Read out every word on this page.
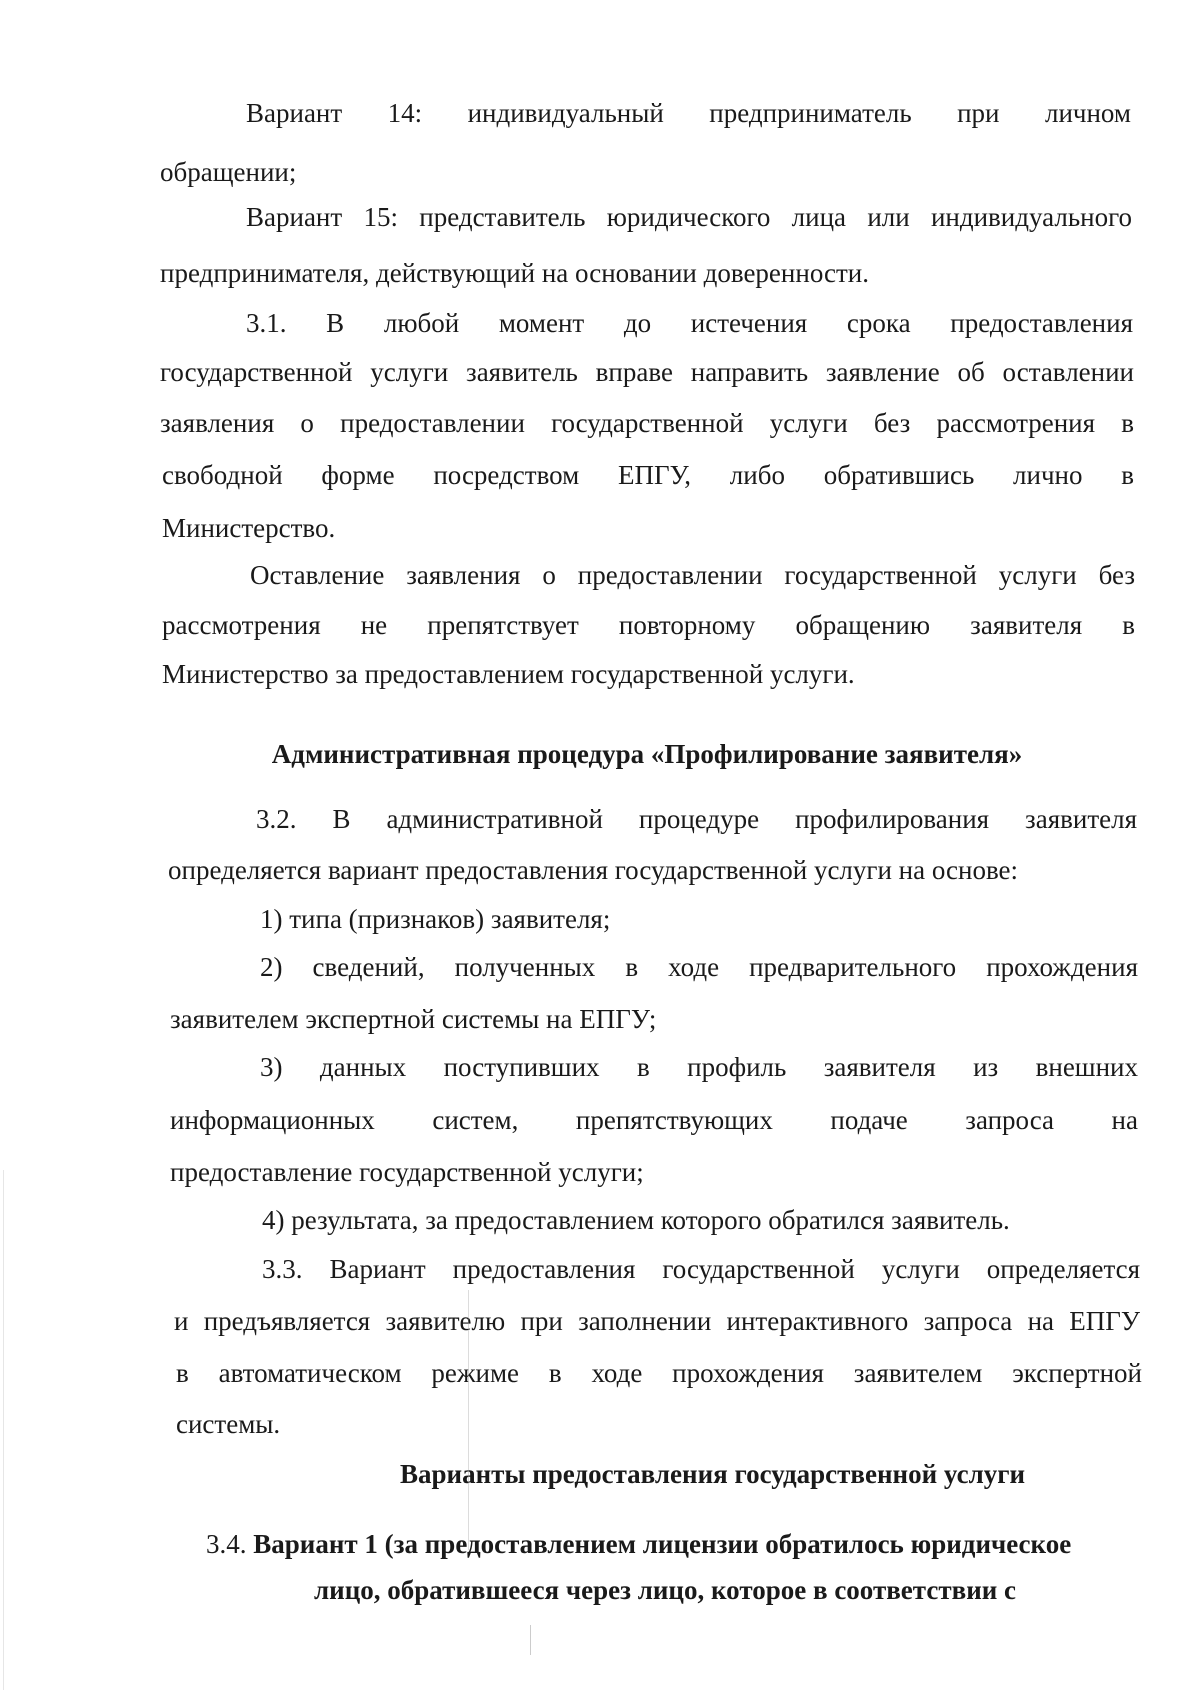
Вариант 14: индивидуальный предприниматель при личном
обращении;
Вариант 15: представитель юридического лица или индивидуального
предпринимателя, действующий на основании доверенности.
3.1. В любой момент до истечения срока предоставления
государственной услуги заявитель вправе направить заявление об оставлении
заявления о предоставлении государственной услуги без рассмотрения в
свободной форме посредством ЕПГУ, либо обратившись лично в
Министерство.
Оставление заявления о предоставлении государственной услуги без
рассмотрения не препятствует повторному обращению заявителя в
Министерство за предоставлением государственной услуги.
Административная процедура «Профилирование заявителя»
3.2. В административной процедуре профилирования заявителя
определяется вариант предоставления государственной услуги на основе:
1) типа (признаков) заявителя;
2) сведений, полученных в ходе предварительного прохождения
заявителем экспертной системы на ЕПГУ;
3) данных поступивших в профиль заявителя из внешних
информационных систем, препятствующих подаче запроса на
предоставление государственной услуги;
4) результата, за предоставлением которого обратился заявитель.
3.3. Вариант предоставления государственной услуги определяется
и предъявляется заявителю при заполнении интерактивного запроса на ЕПГУ
в автоматическом режиме в ходе прохождения заявителем экспертной
системы.
Варианты предоставления государственной услуги
3.4. Вариант 1 (за предоставлением лицензии обратилось юридическое
лицо, обратившееся через лицо, которое в соответствии с
